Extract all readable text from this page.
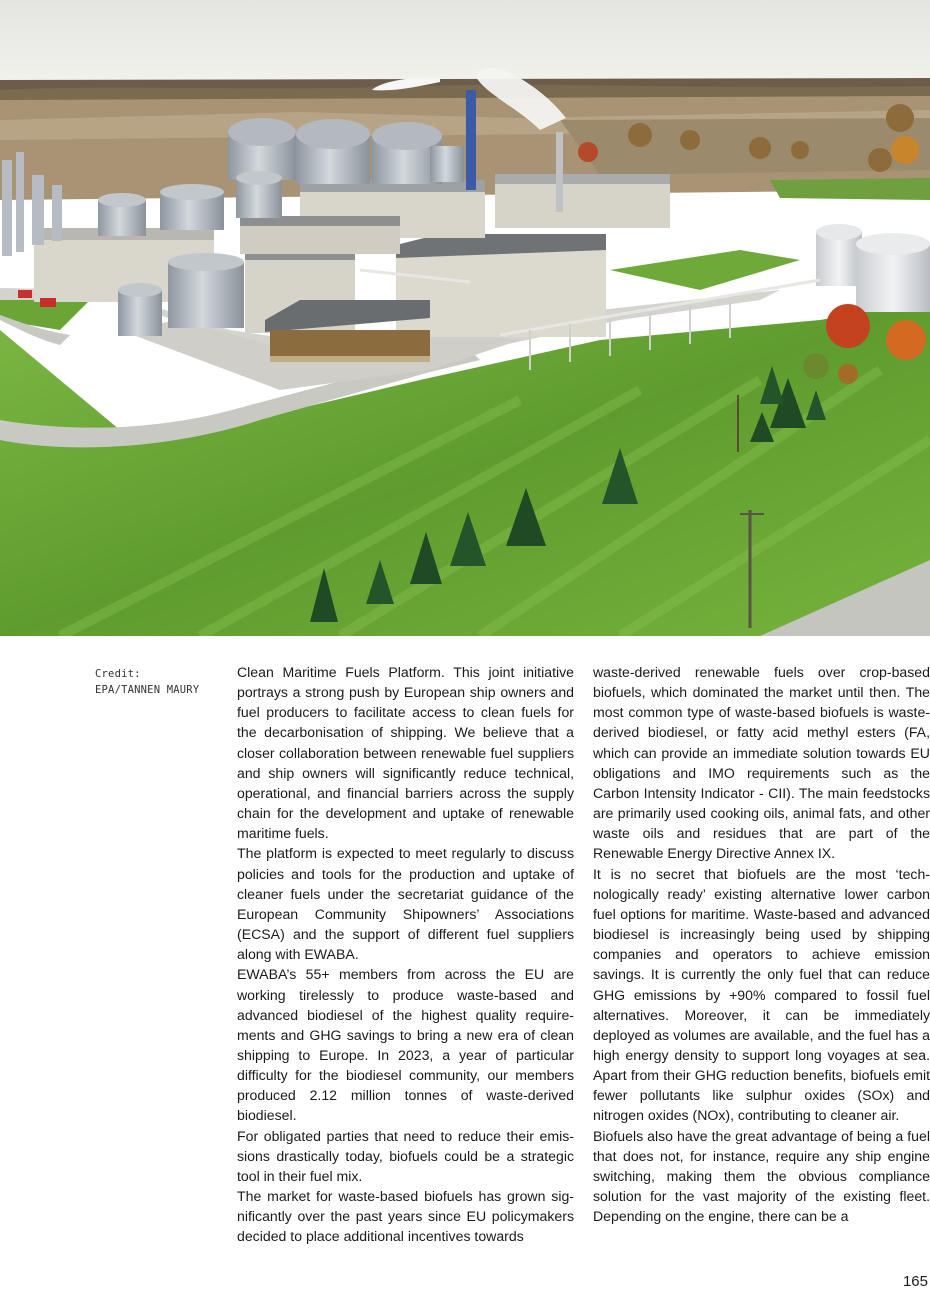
Credit:
EPA/TANNEN MAURY

Clean Maritime Fuels Platform. This joint initiative portrays a strong push by European ship owners and fuel producers to facilitate access to clean fuels for the decarbonisation of shipping. We believe that a closer collaboration between renewable fuel suppliers and ship owners will significantly reduce technical, operational, and financial barriers across the supply chain for the development and uptake of renewable maritime fuels.

The platform is expected to meet regularly to discuss policies and tools for the production and uptake of cleaner fuels under the secretariat guidance of the European Community Shipowners’ Associations (ECSA) and the support of different fuel suppliers along with EWABA.

EWABA’s 55+ members from across the EU are working tirelessly to produce waste-based and advanced biodiesel of the highest quality requirements and GHG savings to bring a new era of clean shipping to Europe. In 2023, a year of particular difficulty for the biodiesel community, our members produced 2.12 million tonnes of waste-derived biodiesel.

For obligated parties that need to reduce their emissions drastically today, biofuels could be a strategic tool in their fuel mix.

The market for waste-based biofuels has grown significantly over the past years since EU policymakers decided to place additional incentives towards

waste-derived renewable fuels over crop-based biofuels, which dominated the market until then. The most common type of waste-based biofuels is waste-derived biodiesel, or fatty acid methyl esters (FA, which can provide an immediate solution towards EU obligations and IMO requirements such as the Carbon Intensity Indicator - CII). The main feedstocks are primarily used cooking oils, animal fats, and other waste oils and residues that are part of the Renewable Energy Directive Annex IX.

It is no secret that biofuels are the most ‘technologically ready’ existing alternative lower carbon fuel options for maritime. Waste-based and advanced biodiesel is increasingly being used by shipping companies and operators to achieve emission savings. It is currently the only fuel that can reduce GHG emissions by +90% compared to fossil fuel alternatives. Moreover, it can be immediately deployed as volumes are available, and the fuel has a high energy density to support long voyages at sea. Apart from their GHG reduction benefits, biofuels emit fewer pollutants like sulphur oxides (SOx) and nitrogen oxides (NOx), contributing to cleaner air.

Biofuels also have the great advantage of being a fuel that does not, for instance, require any ship engine switching, making them the obvious compliance solution for the vast majority of the existing fleet. Depending on the engine, there can be a

165
